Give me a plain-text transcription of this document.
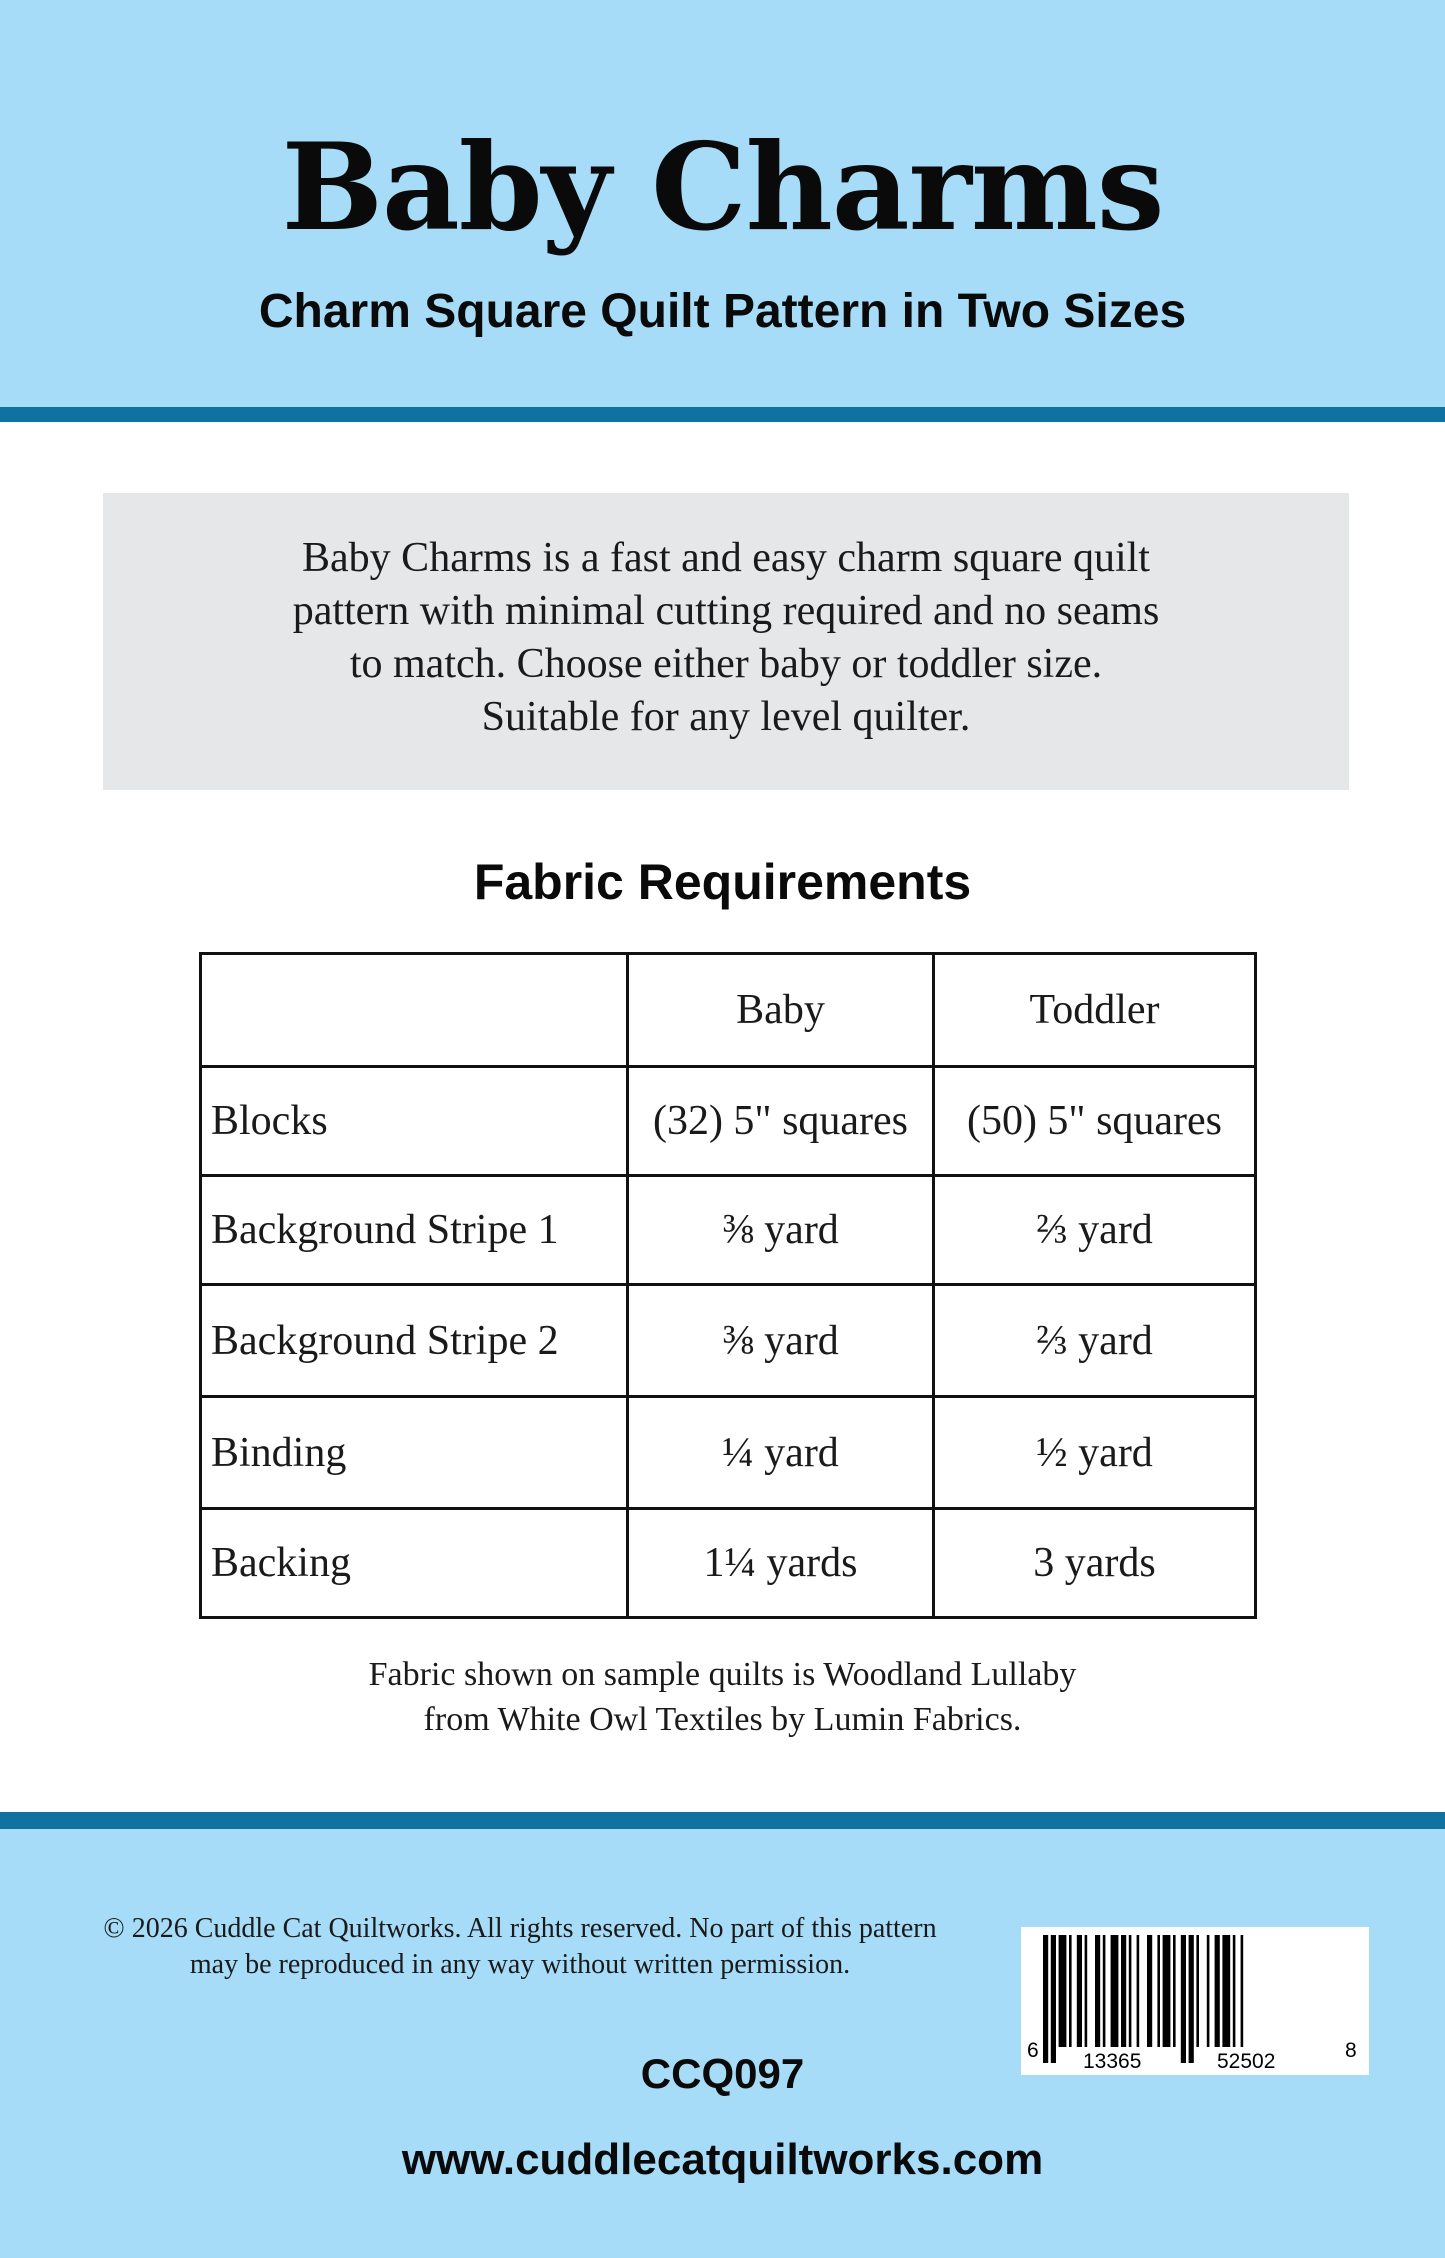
Baby Charms
Charm Square Quilt Pattern in Two Sizes
Baby Charms is a fast and easy charm square quilt
pattern with minimal cutting required and no seams
to match. Choose either baby or toddler size.
Suitable for any level quilter.
Fabric Requirements
	Baby	Toddler
Blocks	(32) 5" squares	(50) 5" squares
Background Stripe 1	⅜ yard	⅔ yard
Background Stripe 2	⅜ yard	⅔ yard
Binding	¼ yard	½ yard
Backing	1¼ yards	3 yards
Fabric shown on sample quilts is Woodland Lullaby
from White Owl Textiles by Lumin Fabrics.
© 2026 Cuddle Cat Quiltworks. All rights reserved. No part of this pattern
may be reproduced in any way without written permission.
6 13365	52502	8
CCQ097
www.cuddlecatquiltworks.com
